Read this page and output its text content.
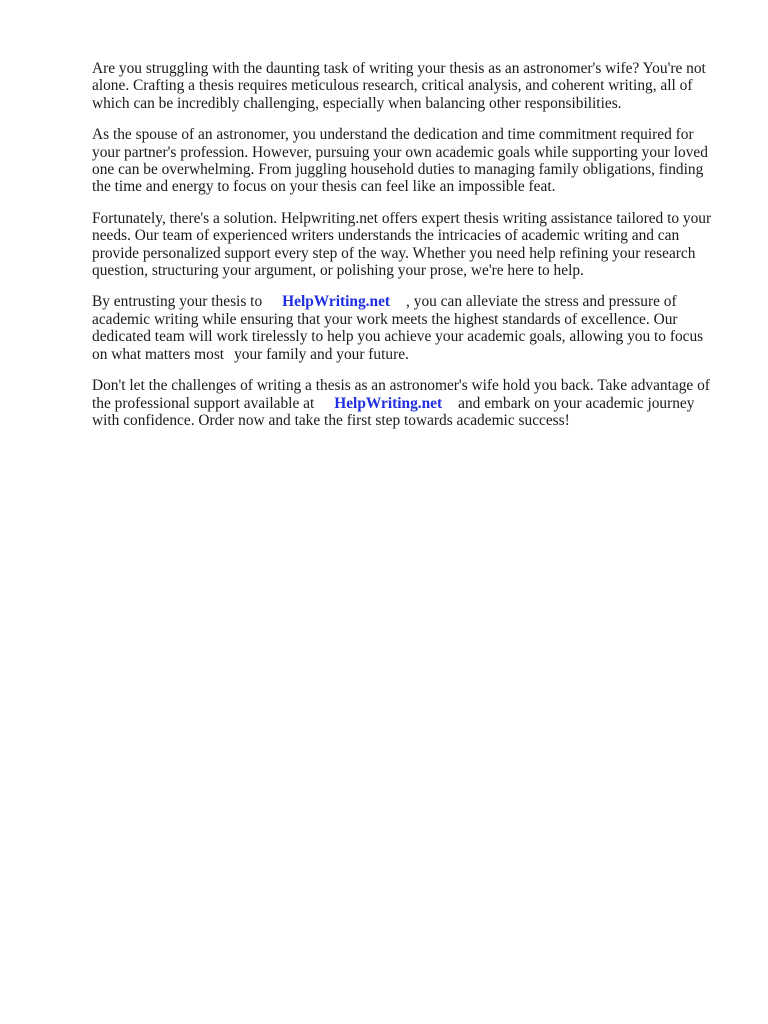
Are you struggling with the daunting task of writing your thesis as an astronomer's wife? You're not alone. Crafting a thesis requires meticulous research, critical analysis, and coherent writing, all of which can be incredibly challenging, especially when balancing other responsibilities.

As the spouse of an astronomer, you understand the dedication and time commitment required for your partner's profession. However, pursuing your own academic goals while supporting your loved one can be overwhelming. From juggling household duties to managing family obligations, finding the time and energy to focus on your thesis can feel like an impossible feat.

Fortunately, there's a solution. Helpwriting.net offers expert thesis writing assistance tailored to your needs. Our team of experienced writers understands the intricacies of academic writing and can provide personalized support every step of the way. Whether you need help refining your research question, structuring your argument, or polishing your prose, we're here to help.

By entrusting your thesis to HelpWriting.net , you can alleviate the stress and pressure of academic writing while ensuring that your work meets the highest standards of excellence. Our dedicated team will work tirelessly to help you achieve your academic goals, allowing you to focus on what matters most your family and your future.

Don't let the challenges of writing a thesis as an astronomer's wife hold you back. Take advantage of the professional support available at HelpWriting.net and embark on your academic journey with confidence. Order now and take the first step towards academic success!
